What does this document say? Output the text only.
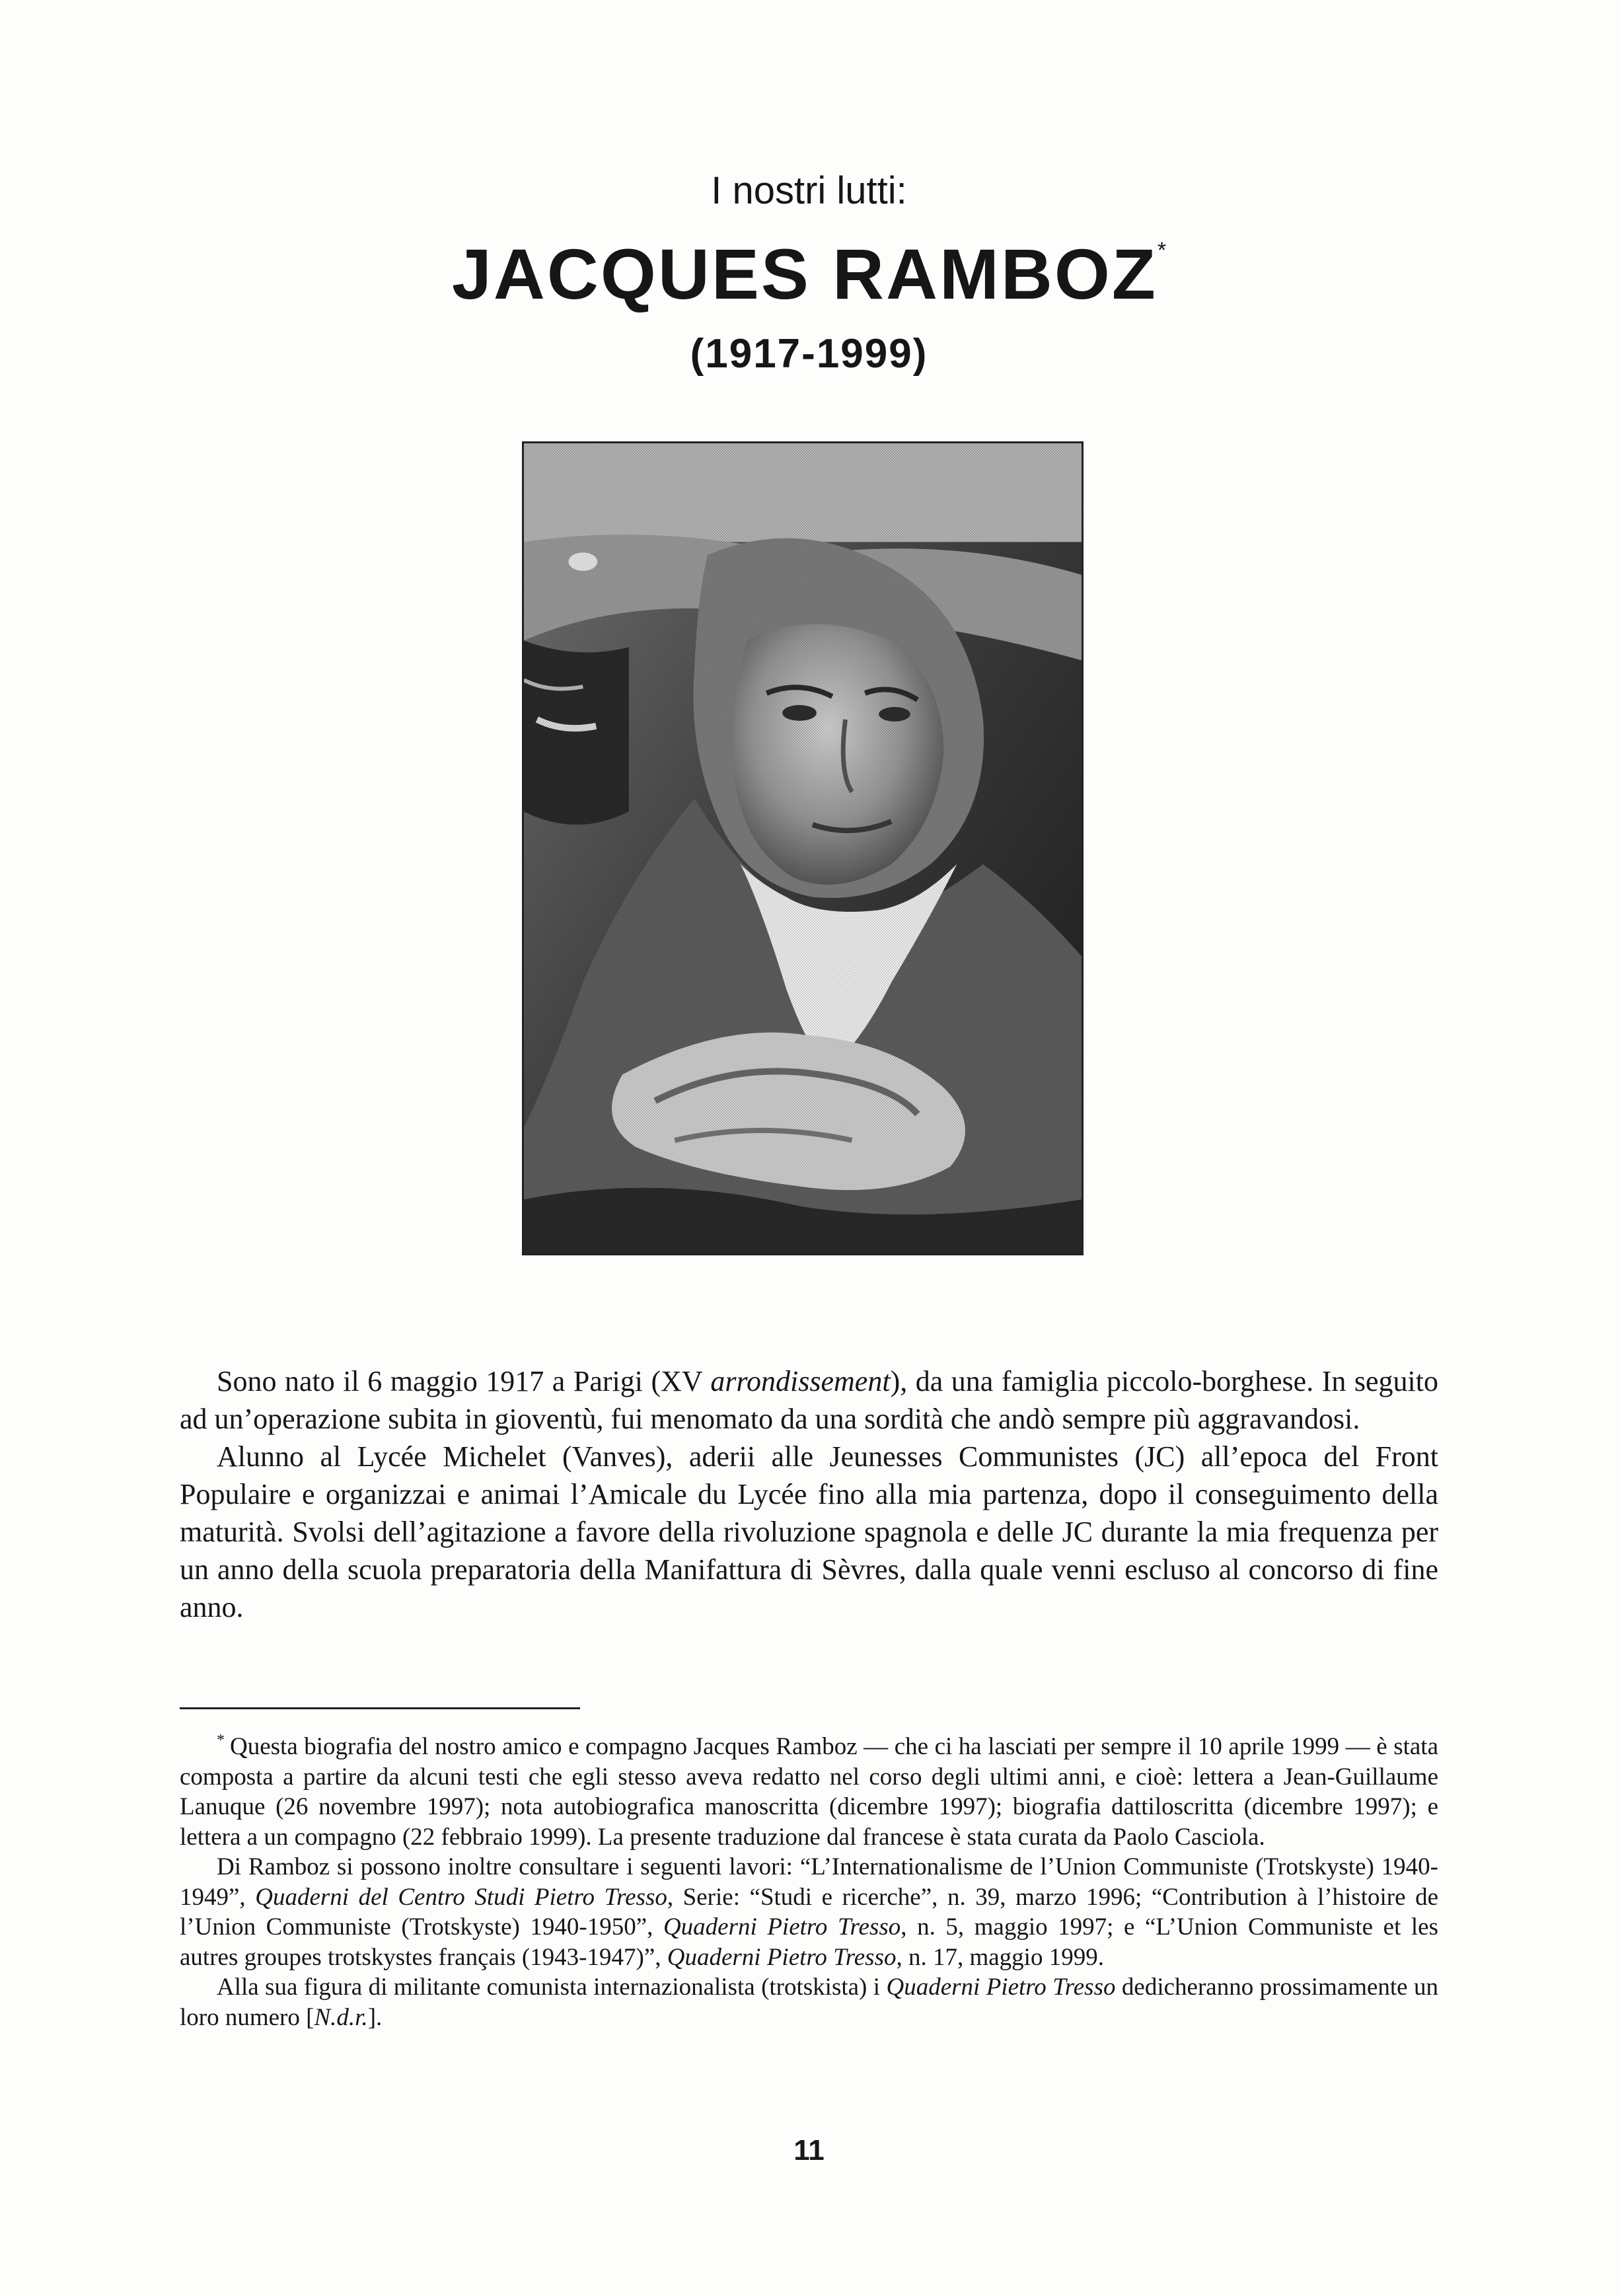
I nostri lutti:
JACQUES RAMBOZ*
(1917-1999)

Sono nato il 6 maggio 1917 a Parigi (XV arrondissement), da una famiglia piccolo-borghese. In seguito ad un’operazione subita in gioventù, fui menomato da una sordità che andò sempre più aggravandosi.

Alunno al Lycée Michelet (Vanves), aderii alle Jeunesses Communistes (JC) all’epoca del Front Populaire e organizzai e animai l’Amicale du Lycée fino alla mia partenza, dopo il conseguimento della maturità. Svolsi dell’agitazione a favore della rivoluzione spagnola e delle JC durante la mia frequenza per un anno della scuola preparatoria della Manifattura di Sèvres, dalla quale venni escluso al concorso di fine anno.

* Questa biografia del nostro amico e compagno Jacques Ramboz — che ci ha lasciati per sempre il 10 aprile 1999 — è stata composta a partire da alcuni testi che egli stesso aveva redatto nel corso degli ultimi anni, e cioè: lettera a Jean-Guillaume Lanuque (26 novembre 1997); nota autobiografica manoscritta (dicembre 1997); biografia dattiloscritta (dicembre 1997); e lettera a un compagno (22 febbraio 1999). La presente traduzione dal francese è stata curata da Paolo Casciola.

Di Ramboz si possono inoltre consultare i seguenti lavori: “L’Internationalisme de l’Union Communiste (Trotskyste) 1940-1949”, Quaderni del Centro Studi Pietro Tresso, Serie: “Studi e ricerche”, n. 39, marzo 1996; “Contribution à l’histoire de l’Union Communiste (Trotskyste) 1940-1950”, Quaderni Pietro Tresso, n. 5, maggio 1997; e “L’Union Communiste et les autres groupes trotskystes français (1943-1947)”, Quaderni Pietro Tresso, n. 17, maggio 1999.

Alla sua figura di militante comunista internazionalista (trotskista) i Quaderni Pietro Tresso dedicheranno prossimamente un loro numero [N.d.r.].

11
